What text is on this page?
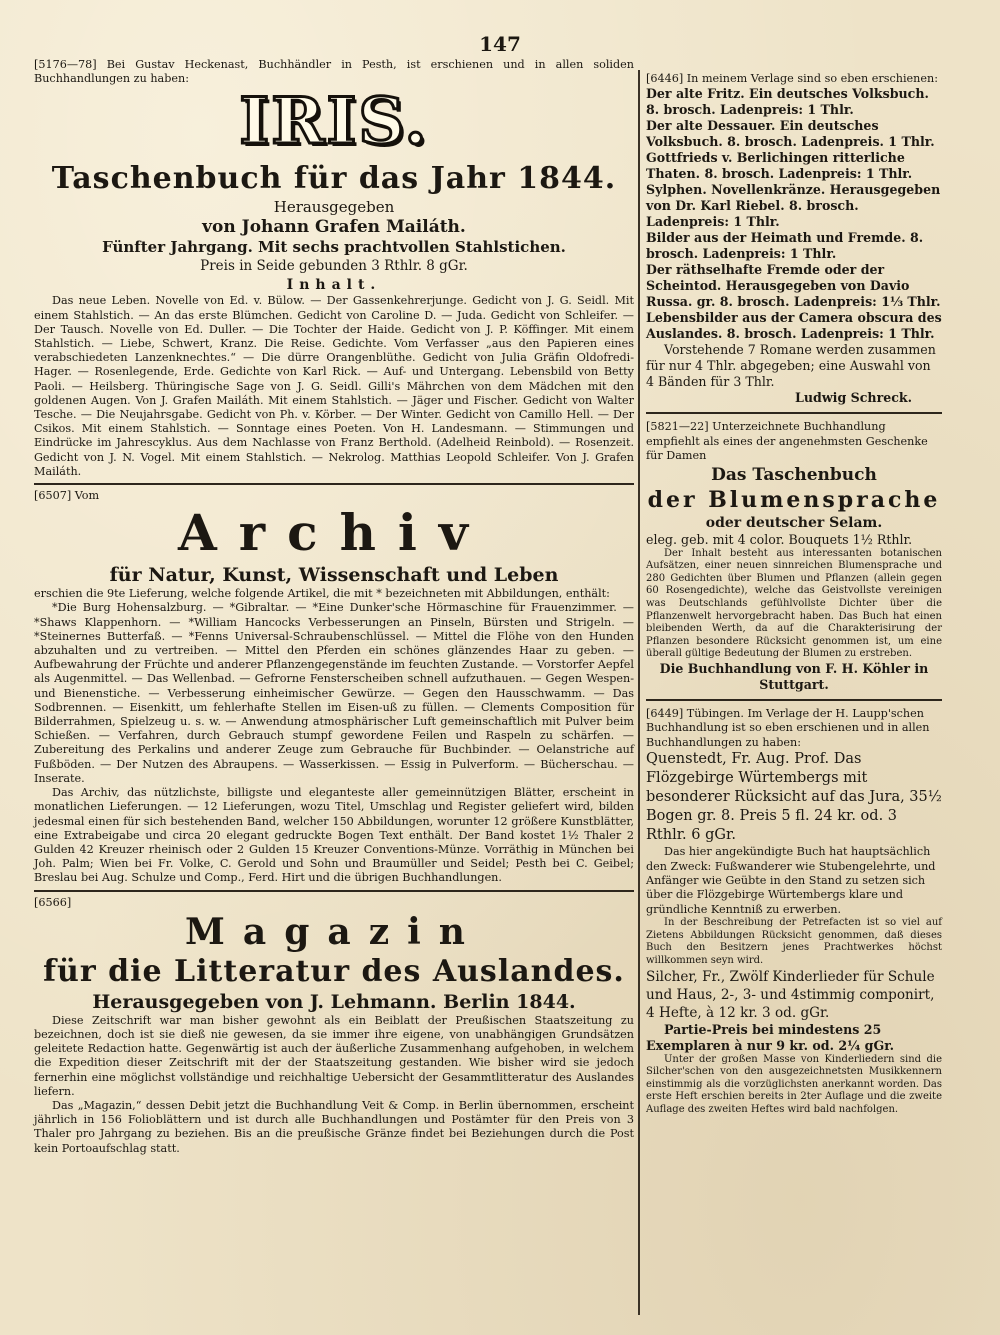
147

[5176—78] Bei Gustav Heckenast, Buchhändler in Pesth, ist erschienen und in allen soliden Buchhandlungen zu haben:

IRIS.
Taschenbuch für das Jahr 1844.
Herausgegeben
von Johann Grafen Mailáth.
Fünfter Jahrgang. Mit sechs prachtvollen Stahlstichen.
Preis in Seide gebunden 3 Rthlr. 8 gGr.
Inhalt.

Das neue Leben. Novelle von Ed. v. Bülow. — Der Gassenkehrerjunge. Gedicht von J. G. Seidl. Mit einem Stahlstich. — An das erste Blümchen. Gedicht von Caroline D. — Juda. Gedicht von Schleifer. — Der Tausch. Novelle von Ed. Duller. — Die Tochter der Haide. Gedicht von J. P. Köffinger. Mit einem Stahlstich. — Liebe, Schwert, Kranz. Die Reise. Gedichte. Vom Verfasser „aus den Papieren eines verabschiedeten Lanzenknechtes.“ — Die dürre Orangenblüthe. Gedicht von Julia Gräfin Oldofredi-Hager. — Rosenlegende, Erde. Gedichte von Karl Rick. — Auf- und Untergang. Lebensbild von Betty Paoli. — Heilsberg. Thüringische Sage von J. G. Seidl. Gilli's Mährchen von dem Mädchen mit den goldenen Augen. Von J. Grafen Mailáth. Mit einem Stahlstich. — Jäger und Fischer. Gedicht von Walter Tesche. — Die Neujahrsgabe. Gedicht von Ph. v. Körber. — Der Winter. Gedicht von Camillo Hell. — Der Csikos. Mit einem Stahlstich. — Sonntage eines Poeten. Von H. Landesmann. — Stimmungen und Eindrücke im Jahrescyklus. Aus dem Nachlasse von Franz Berthold. (Adelheid Reinbold). — Rosenzeit. Gedicht von J. N. Vogel. Mit einem Stahlstich. — Nekrolog. Matthias Leopold Schleifer. Von J. Grafen Mailáth.

[6507] Vom

Archiv
für Natur, Kunst, Wissenschaft und Leben

erschien die 9te Lieferung, welche folgende Artikel, die mit * bezeichneten mit Abbildungen, enthält:

*Die Burg Hohensalzburg. — *Gibraltar. — *Eine Dunker'sche Hörmaschine für Frauenzimmer. — *Shaws Klappenhorn. — *William Hancocks Verbesserungen an Pinseln, Bürsten und Strigeln. — *Steinernes Butterfaß. — *Fenns Universal-Schraubenschlüssel. — Mittel die Flöhe von den Hunden abzuhalten und zu vertreiben. — Mittel den Pferden ein schönes glänzendes Haar zu geben. — Aufbewahrung der Früchte und anderer Pflanzengegenstände im feuchten Zustande. — Vorstorfer Aepfel als Augenmittel. — Das Wellenbad. — Gefrorne Fensterscheiben schnell aufzuthauen. — Gegen Wespen- und Bienenstiche. — Verbesserung einheimischer Gewürze. — Gegen den Hausschwamm. — Das Sodbrennen. — Eisenkitt, um fehlerhafte Stellen im Eisen-uß zu füllen. — Clements Composition für Bilderrahmen, Spielzeug u. s. w. — Anwendung atmosphärischer Luft gemeinschaftlich mit Pulver beim Schießen. — Verfahren, durch Gebrauch stumpf gewordene Feilen und Raspeln zu schärfen. — Zubereitung des Perkalins und anderer Zeuge zum Gebrauche für Buchbinder. — Oelanstriche auf Fußböden. — Der Nutzen des Abraupens. — Wasserkissen. — Essig in Pulverform. — Bücherschau. — Inserate.

Das Archiv, das nützlichste, billigste und eleganteste aller gemeinnützigen Blätter, erscheint in monatlichen Lieferungen. — 12 Lieferungen, wozu Titel, Umschlag und Register geliefert wird, bilden jedesmal einen für sich bestehenden Band, welcher 150 Abbildungen, worunter 12 größere Kunstblätter, eine Extrabeigabe und circa 20 elegant gedruckte Bogen Text enthält. Der Band kostet 1½ Thaler 2 Gulden 42 Kreuzer rheinisch oder 2 Gulden 15 Kreuzer Conventions-Münze. Vorräthig in München bei Joh. Palm; Wien bei Fr. Volke, C. Gerold und Sohn und Braumüller und Seidel; Pesth bei C. Geibel; Breslau bei Aug. Schulze und Comp., Ferd. Hirt und die übrigen Buchhandlungen.

[6566]

Magazin
für die Litteratur des Auslandes.
Herausgegeben von J. Lehmann. Berlin 1844.

Diese Zeitschrift war man bisher gewohnt als ein Beiblatt der Preußischen Staatszeitung zu bezeichnen, doch ist sie dieß nie gewesen, da sie immer ihre eigene, von unabhängigen Grundsätzen geleitete Redaction hatte. Gegenwärtig ist auch der äußerliche Zusammenhang aufgehoben, in welchem die Expedition dieser Zeitschrift mit der der Staatszeitung gestanden. Wie bisher wird sie jedoch fernerhin eine möglichst vollständige und reichhaltige Uebersicht der Gesammtlitteratur des Auslandes liefern.

Das „Magazin,“ dessen Debit jetzt die Buchhandlung Veit & Comp. in Berlin übernommen, erscheint jährlich in 156 Folioblättern und ist durch alle Buchhandlungen und Postämter für den Preis von 3 Thaler pro Jahrgang zu beziehen. Bis an die preußische Gränze findet bei Beziehungen durch die Post kein Portoaufschlag statt.

[6446] In meinem Verlage sind so eben erschienen:

Der alte Fritz. Ein deutsches Volksbuch. 8. brosch. Ladenpreis: 1 Thlr.

Der alte Dessauer. Ein deutsches Volksbuch. 8. brosch. Ladenpreis. 1 Thlr.

Gottfrieds v. Berlichingen ritterliche Thaten. 8. brosch. Ladenpreis: 1 Thlr.

Sylphen. Novellenkränze. Herausgegeben von Dr. Karl Riebel. 8. brosch. Ladenpreis: 1 Thlr.

Bilder aus der Heimath und Fremde. 8. brosch. Ladenpreis: 1 Thlr.

Der räthselhafte Fremde oder der Scheintod. Herausgegeben von Davio Russa. gr. 8. brosch. Ladenpreis: 1⅓ Thlr.

Lebensbilder aus der Camera obscura des Auslandes. 8. brosch. Ladenpreis: 1 Thlr.

Vorstehende 7 Romane werden zusammen für nur 4 Thlr. abgegeben; eine Auswahl von 4 Bänden für 3 Thlr.

Ludwig Schreck.

[5821—22] Unterzeichnete Buchhandlung empfiehlt als eines der angenehmsten Geschenke für Damen

Das Taschenbuch
der Blumensprache
oder deutscher Selam.

eleg. geb. mit 4 color. Bouquets 1½ Rthlr.

Der Inhalt besteht aus interessanten botanischen Aufsätzen, einer neuen sinnreichen Blumensprache und 280 Gedichten über Blumen und Pflanzen (allein gegen 60 Rosengedichte), welche das Geistvollste vereinigen was Deutschlands gefühlvollste Dichter über die Pflanzenwelt hervorgebracht haben. Das Buch hat einen bleibenden Werth, da auf die Charakterisirung der Pflanzen besondere Rücksicht genommen ist, um eine überall gültige Bedeutung der Blumen zu erstreben.

Die Buchhandlung von F. H. Köhler in Stuttgart.

[6449] Tübingen. Im Verlage der H. Laupp'schen Buchhandlung ist so eben erschienen und in allen Buchhandlungen zu haben:

Quenstedt, Fr. Aug. Prof. Das Flözgebirge Würtembergs mit besonderer Rücksicht auf das Jura, 35½ Bogen gr. 8. Preis 5 fl. 24 kr. od. 3 Rthlr. 6 gGr.

Das hier angekündigte Buch hat hauptsächlich den Zweck: Fußwanderer wie Stubengelehrte, und Anfänger wie Geübte in den Stand zu setzen sich über die Flözgebirge Würtembergs klare und gründliche Kenntniß zu erwerben.

In der Beschreibung der Petrefacten ist so viel auf Zietens Abbildungen Rücksicht genommen, daß dieses Buch den Besitzern jenes Prachtwerkes höchst willkommen seyn wird.

Silcher, Fr., Zwölf Kinderlieder für Schule und Haus, 2-, 3- und 4stimmig componirt, 4 Hefte, à 12 kr. 3 od. gGr.

Partie-Preis bei mindestens 25 Exemplaren à nur 9 kr. od. 2¼ gGr.

Unter der großen Masse von Kinderliedern sind die Silcher'schen von den ausgezeichnetsten Musikkennern einstimmig als die vorzüglichsten anerkannt worden. Das erste Heft erschien bereits in 2ter Auflage und die zweite Auflage des zweiten Heftes wird bald nachfolgen.
